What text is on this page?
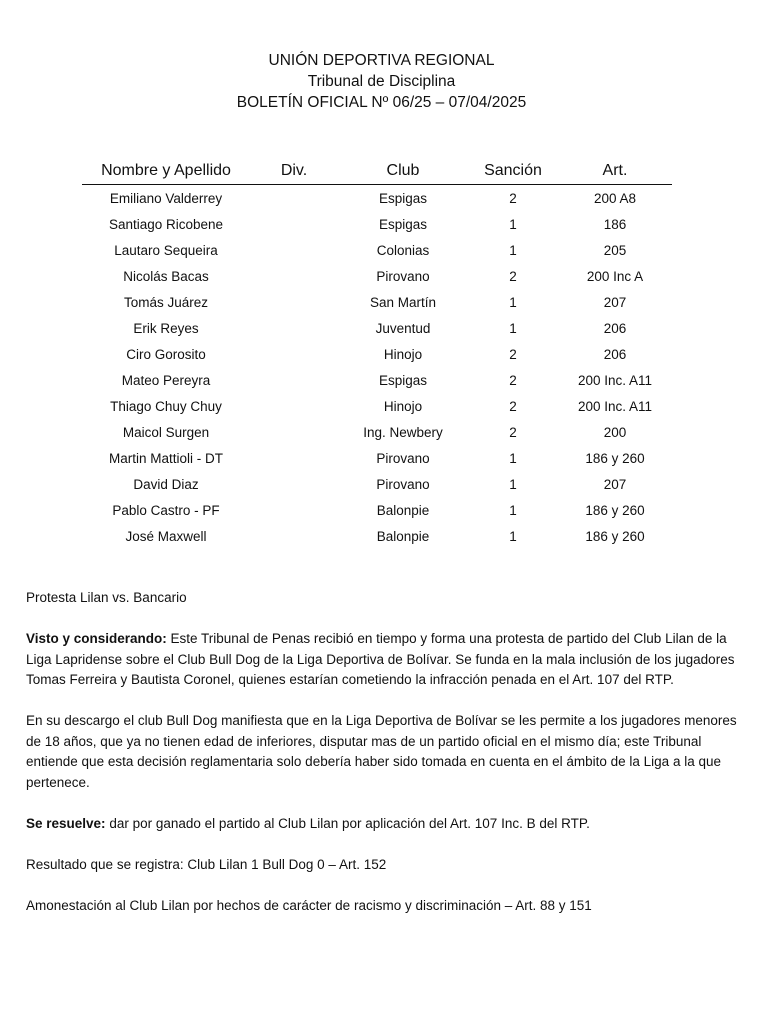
UNIÓN DEPORTIVA REGIONAL
Tribunal de Disciplina
BOLETÍN OFICIAL Nº 06/25 – 07/04/2025
Nombre y Apellido	Div.	Club	Sanción	Art.
Emiliano Valderrey		Espigas	2	200 A8
Santiago Ricobene		Espigas	1	186
Lautaro Sequeira		Colonias	1	205
Nicolás Bacas		Pirovano	2	200 Inc A
Tomás Juárez		San Martín	1	207
Erik Reyes		Juventud	1	206
Ciro Gorosito		Hinojo	2	206
Mateo Pereyra		Espigas	2	200 Inc. A11
Thiago Chuy Chuy		Hinojo	2	200 Inc. A11
Maicol Surgen		Ing. Newbery	2	200
Martin Mattioli - DT		Pirovano	1	186 y 260
David Diaz		Pirovano	1	207
Pablo Castro - PF		Balonpie	1	186 y 260
José Maxwell		Balonpie	1	186 y 260

Protesta Lilan vs. Bancario

Visto y considerando: Este Tribunal de Penas recibió en tiempo y forma una protesta de partido del Club Lilan de la Liga Lapridense sobre el Club Bull Dog de la Liga Deportiva de Bolívar. Se funda en la mala inclusión de los jugadores Tomas Ferreira y Bautista Coronel, quienes estarían cometiendo la infracción penada en el Art. 107 del RTP.

En su descargo el club Bull Dog manifiesta que en la Liga Deportiva de Bolívar se les permite a los jugadores menores de 18 años, que ya no tienen edad de inferiores, disputar mas de un partido oficial en el mismo día; este Tribunal entiende que esta decisión reglamentaria solo debería haber sido tomada en cuenta en el ámbito de la Liga a la que pertenece.

Se resuelve: dar por ganado el partido al Club Lilan por aplicación del Art. 107 Inc. B del RTP.

Resultado que se registra: Club Lilan 1 Bull Dog 0 – Art. 152

Amonestación al Club Lilan por hechos de carácter de racismo y discriminación – Art. 88 y 151
